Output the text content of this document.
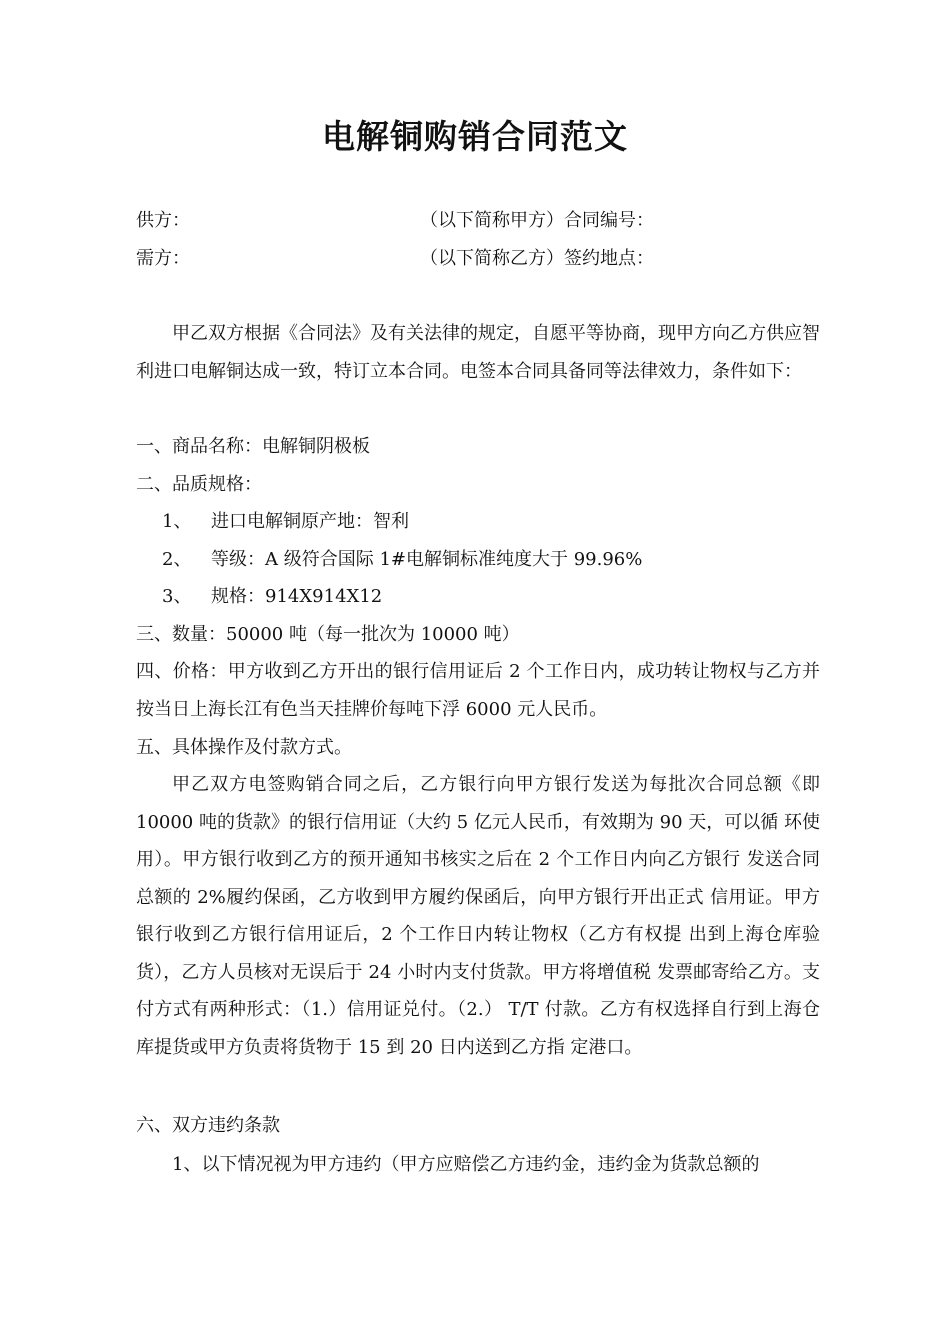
电解铜购销合同范文
供方：	（以下简称甲方）合同编号：
需方：	（以下简称乙方）签约地点：
甲乙双方根据《合同法》及有关法律的规定，自愿平等协商，现甲方向乙方供应智利进口电解铜达成一致，特订立本合同。电签本合同具备同等法律效力，条件如下：
一、商品名称：电解铜阴极板
二、品质规格：
1、 进口电解铜原产地：智利
2、 等级：A 级符合国际 1#电解铜标准纯度大于 99.96%
3、 规格：914X914X12
三、数量：50000 吨（每一批次为 10000 吨）
四、价格：甲方收到乙方开出的银行信用证后 2 个工作日内，成功转让物权与乙方并按当日上海长江有色当天挂牌价每吨下浮 6000 元人民币。
五、具体操作及付款方式。
甲乙双方电签购销合同之后，乙方银行向甲方银行发送为每批次合同总额《即 10000 吨的货款》的银行信用证（大约 5 亿元人民币，有效期为 90 天，可以循 环使用）。甲方银行收到乙方的预开通知书核实之后在 2 个工作日内向乙方银行 发送合同总额的 2%履约保函，乙方收到甲方履约保函后，向甲方银行开出正式 信用证。甲方银行收到乙方银行信用证后，2 个工作日内转让物权（乙方有权提 出到上海仓库验货），乙方人员核对无误后于 24 小时内支付货款。甲方将增值税 发票邮寄给乙方。支付方式有两种形式：（1.）信用证兑付。（2.） T/T 付款。乙方有权选择自行到上海仓库提货或甲方负责将货物于 15 到 20 日内送到乙方指 定港口。
六、双方违约条款
1、以下情况视为甲方违约（甲方应赔偿乙方违约金，违约金为货款总额的
